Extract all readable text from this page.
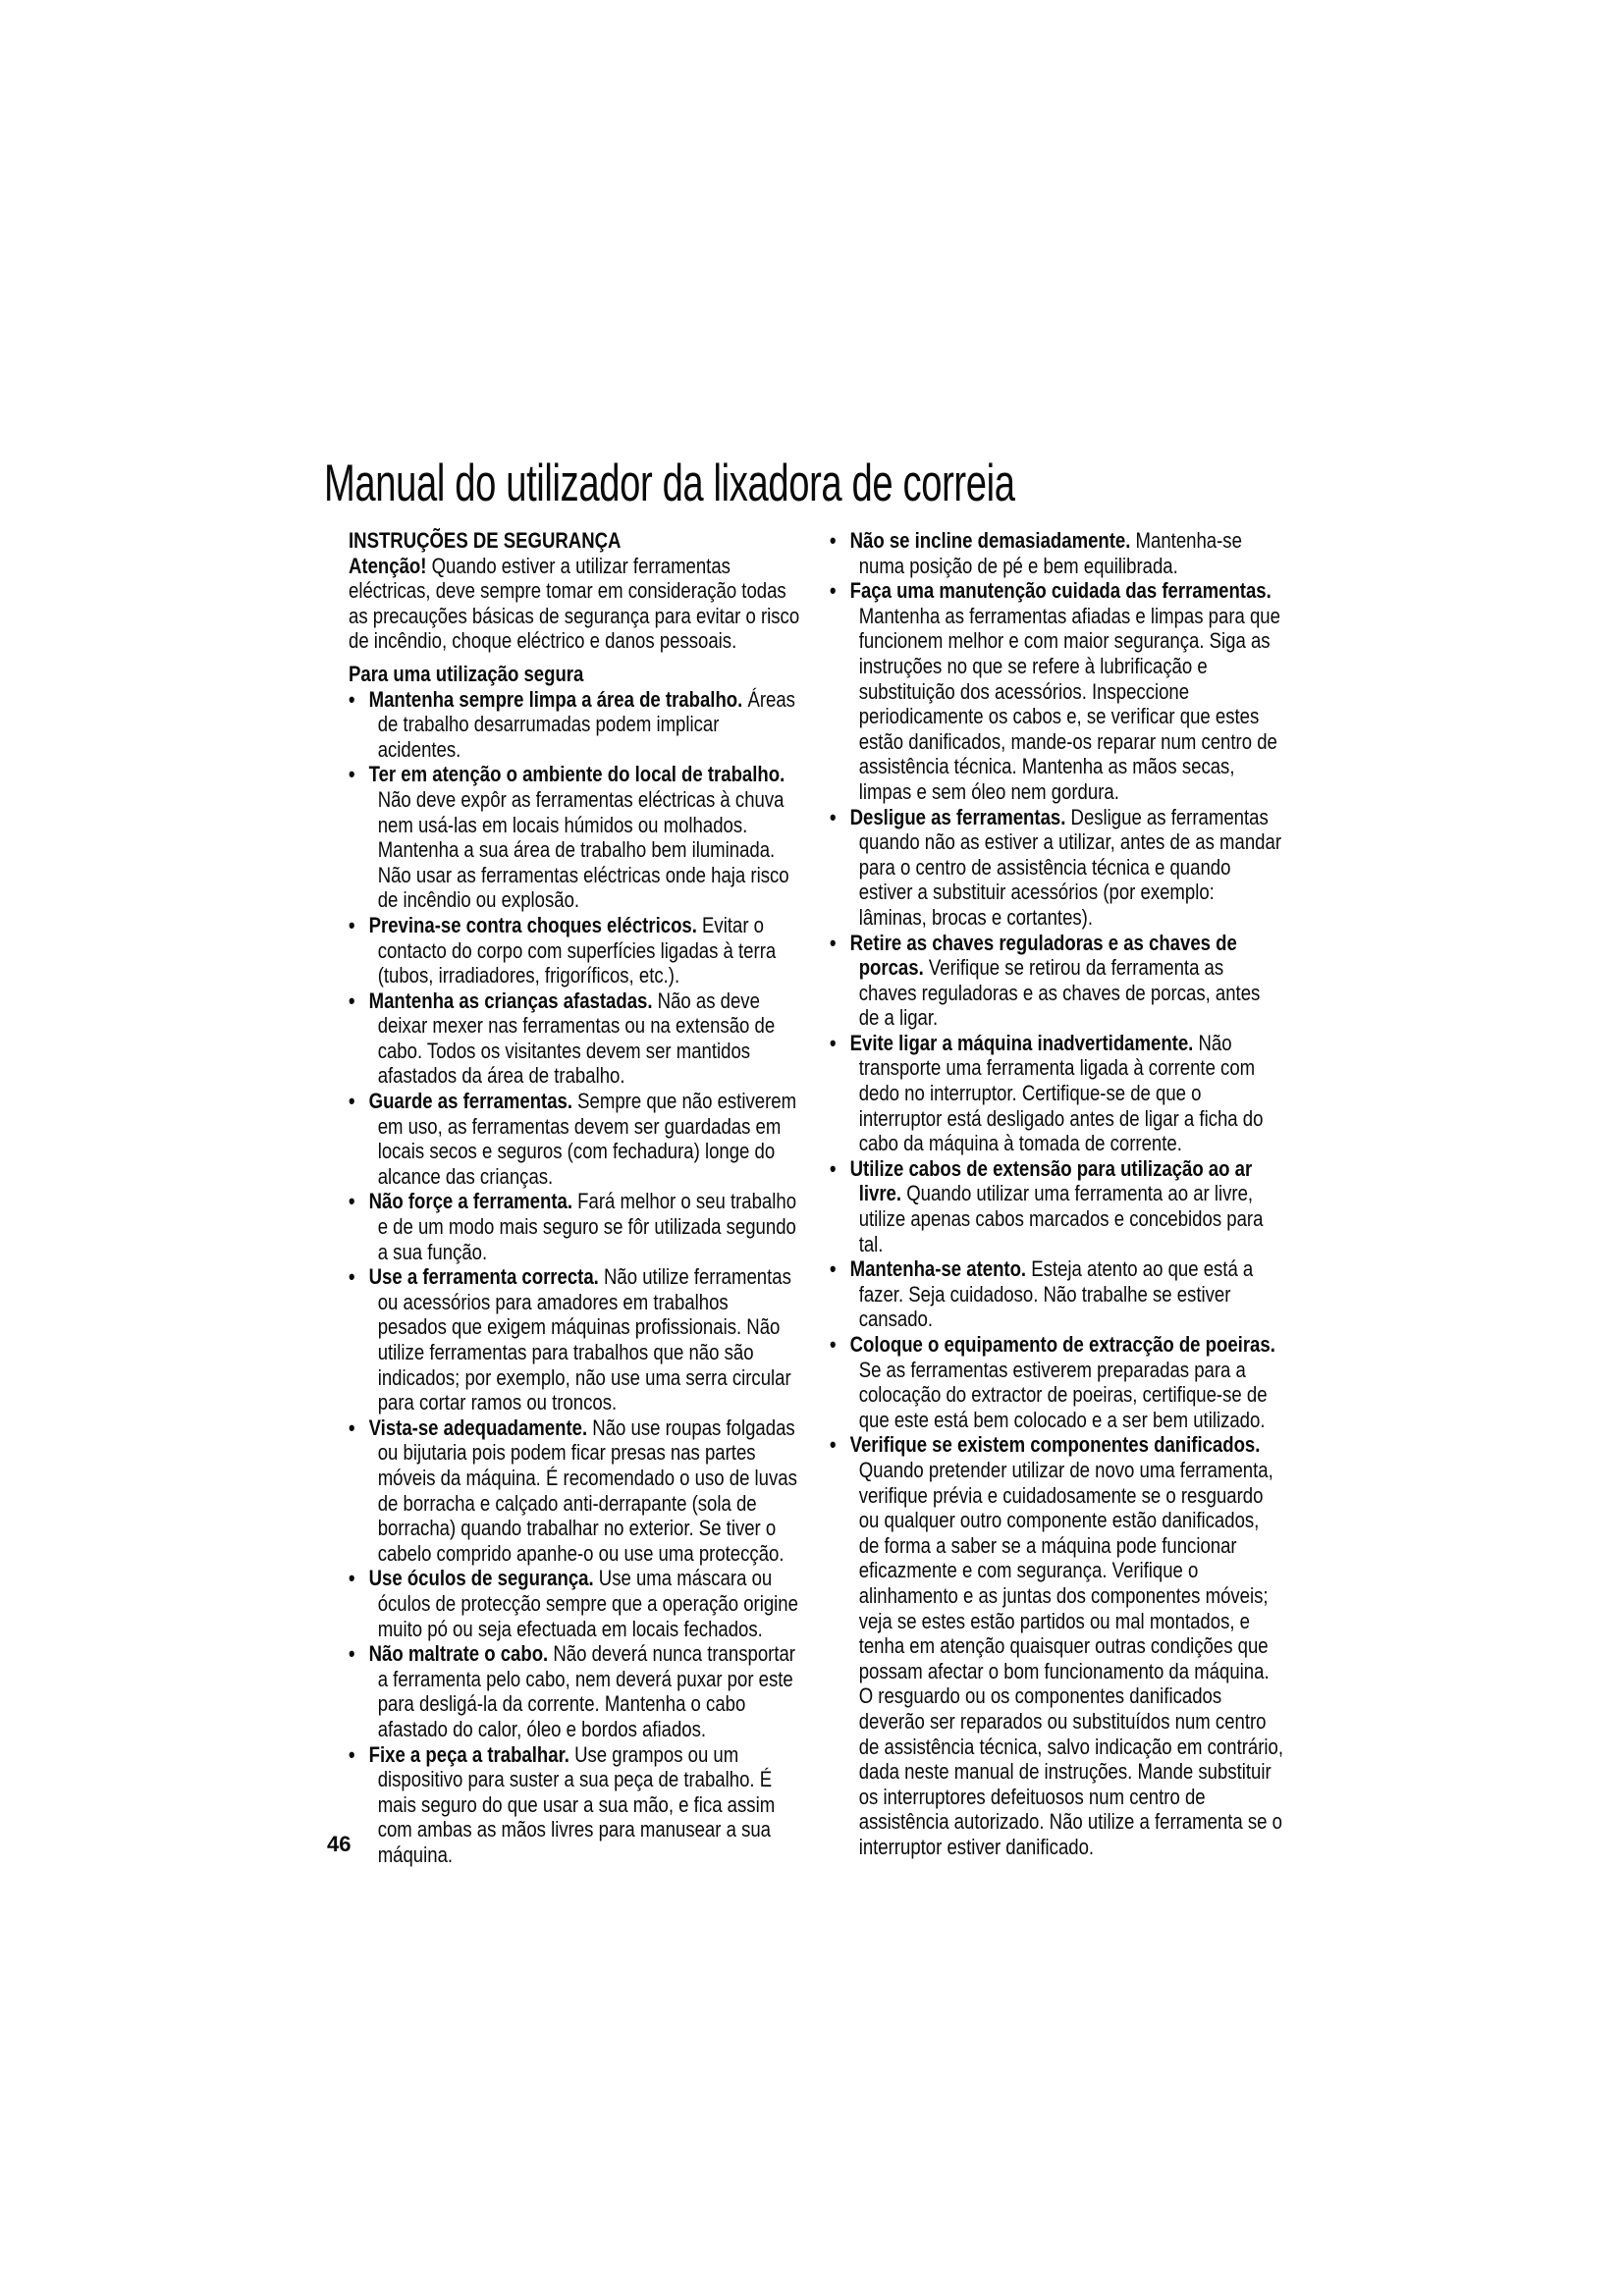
Manual do utilizador da lixadora de correia
INSTRUÇÕES DE SEGURANÇA

Atenção! Quando estiver a utilizar ferramentas eléctricas, deve sempre tomar em consideração todas as precauções básicas de segurança para evitar o risco de incêndio, choque eléctrico e danos pessoais.

Para uma utilização segura
• Mantenha sempre limpa a área de trabalho. Áreas de trabalho desarrumadas podem implicar acidentes.
• Ter em atenção o ambiente do local de trabalho. Não deve expôr as ferramentas eléctricas à chuva nem usá-las em locais húmidos ou molhados. Mantenha a sua área de trabalho bem iluminada. Não usar as ferramentas eléctricas onde haja risco de incêndio ou explosão.
• Previna-se contra choques eléctricos. Evitar o contacto do corpo com superfícies ligadas à terra (tubos, irradiadores, frigoríficos, etc.).
• Mantenha as crianças afastadas. Não as deve deixar mexer nas ferramentas ou na extensão de cabo. Todos os visitantes devem ser mantidos afastados da área de trabalho.
• Guarde as ferramentas. Sempre que não estiverem em uso, as ferramentas devem ser guardadas em locais secos e seguros (com fechadura) longe do alcance das crianças.
• Não forçe a ferramenta. Fará melhor o seu trabalho e de um modo mais seguro se fôr utilizada segundo a sua função.
• Use a ferramenta correcta. Não utilize ferramentas ou acessórios para amadores em trabalhos pesados que exigem máquinas profissionais. Não utilize ferramentas para trabalhos que não são indicados; por exemplo, não use uma serra circular para cortar ramos ou troncos.
• Vista-se adequadamente. Não use roupas folgadas ou bijutaria pois podem ficar presas nas partes móveis da máquina. É recomendado o uso de luvas de borracha e calçado anti-derrapante (sola de borracha) quando trabalhar no exterior. Se tiver o cabelo comprido apanhe-o ou use uma protecção.
• Use óculos de segurança. Use uma máscara ou óculos de protecção sempre que a operação origine muito pó ou seja efectuada em locais fechados.
• Não maltrate o cabo. Não deverá nunca transportar a ferramenta pelo cabo, nem deverá puxar por este para desligá-la da corrente. Mantenha o cabo afastado do calor, óleo e bordos afiados.
• Fixe a peça a trabalhar. Use grampos ou um dispositivo para suster a sua peça de trabalho. É mais seguro do que usar a sua mão, e fica assim com ambas as mãos livres para manusear a sua máquina.
• Não se incline demasiadamente. Mantenha-se numa posição de pé e bem equilibrada.
• Faça uma manutenção cuidada das ferramentas. Mantenha as ferramentas afiadas e limpas para que funcionem melhor e com maior segurança. Siga as instruções no que se refere à lubrificação e substituição dos acessórios. Inspeccione periodicamente os cabos e, se verificar que estes estão danificados, mande-os reparar num centro de assistência técnica. Mantenha as mãos secas, limpas e sem óleo nem gordura.
• Desligue as ferramentas. Desligue as ferramentas quando não as estiver a utilizar, antes de as mandar para o centro de assistência técnica e quando estiver a substituir acessórios (por exemplo: lâminas, brocas e cortantes).
• Retire as chaves reguladoras e as chaves de porcas. Verifique se retirou da ferramenta as chaves reguladoras e as chaves de porcas, antes de a ligar.
• Evite ligar a máquina inadvertidamente. Não transporte uma ferramenta ligada à corrente com dedo no interruptor. Certifique-se de que o interruptor está desligado antes de ligar a ficha do cabo da máquina à tomada de corrente.
• Utilize cabos de extensão para utilização ao ar livre. Quando utilizar uma ferramenta ao ar livre, utilize apenas cabos marcados e concebidos para tal.
• Mantenha-se atento. Esteja atento ao que está a fazer. Seja cuidadoso. Não trabalhe se estiver cansado.
• Coloque o equipamento de extracção de poeiras. Se as ferramentas estiverem preparadas para a colocação do extractor de poeiras, certifique-se de que este está bem colocado e a ser bem utilizado.
• Verifique se existem componentes danificados. Quando pretender utilizar de novo uma ferramenta, verifique prévia e cuidadosamente se o resguardo ou qualquer outro componente estão danificados, de forma a saber se a máquina pode funcionar eficazmente e com segurança. Verifique o alinhamento e as juntas dos componentes móveis; veja se estes estão partidos ou mal montados, e tenha em atenção quaisquer outras condições que possam afectar o bom funcionamento da máquina. O resguardo ou os componentes danificados deverão ser reparados ou substituídos num centro de assistência técnica, salvo indicação em contrário, dada neste manual de instruções. Mande substituir os interruptores defeituosos num centro de assistência autorizado. Não utilize a ferramenta se o interruptor estiver danificado.
46
